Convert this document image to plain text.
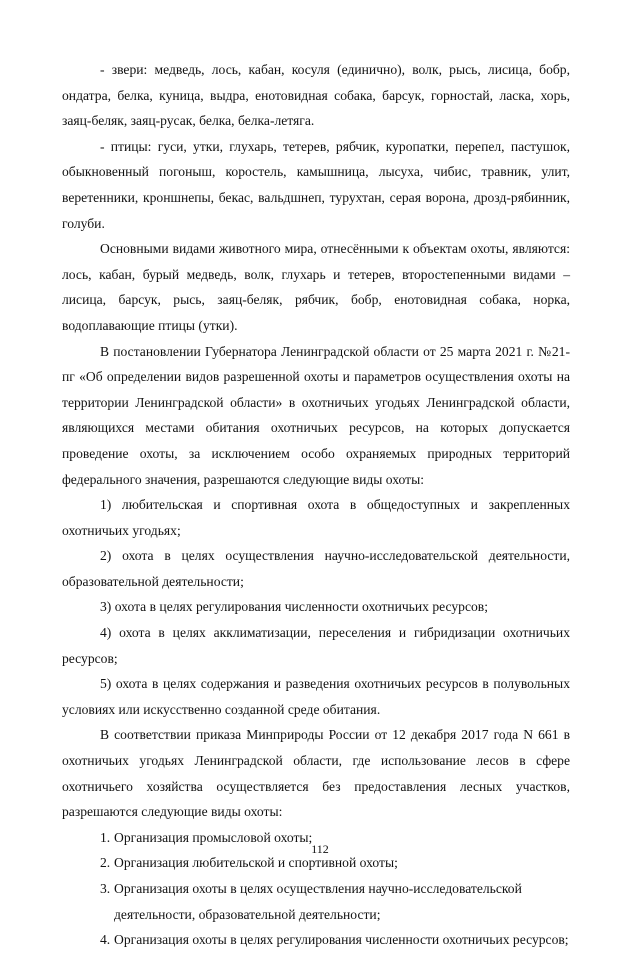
- звери: медведь, лось, кабан, косуля (единично), волк, рысь, лисица, бобр, ондатра, белка, куница, выдра, енотовидная собака, барсук, горностай, ласка, хорь, заяц-беляк, заяц-русак, белка, белка-летяга.

- птицы: гуси, утки, глухарь, тетерев, рябчик, куропатки, перепел, пастушок, обыкновенный погоныш, коростель, камышница, лысуха, чибис, травник, улит, веретенники, кроншнепы, бекас, вальдшнеп, турухтан, серая ворона, дрозд-рябинник, голуби.

Основными видами животного мира, отнесёнными к объектам охоты, являются: лось, кабан, бурый медведь, волк, глухарь и тетерев, второстепенными видами – лисица, барсук, рысь, заяц-беляк, рябчик, бобр, енотовидная собака, норка, водоплавающие птицы (утки).

В постановлении Губернатора Ленинградской области от 25 марта 2021 г. №21-пг «Об определении видов разрешенной охоты и параметров осуществления охоты на территории Ленинградской области» в охотничьих угодьях Ленинградской области, являющихся местами обитания охотничьих ресурсов, на которых допускается проведение охоты, за исключением особо охраняемых природных территорий федерального значения, разрешаются следующие виды охоты:

1) любительская и спортивная охота в общедоступных и закрепленных охотничьих угодьях;

2) охота в целях осуществления научно-исследовательской деятельности, образовательной деятельности;

3) охота в целях регулирования численности охотничьих ресурсов;

4) охота в целях акклиматизации, переселения и гибридизации охотничьих ресурсов;

5) охота в целях содержания и разведения охотничьих ресурсов в полувольных условиях или искусственно созданной среде обитания.

В соответствии приказа Минприроды России от 12 декабря 2017 года N 661 в охотничьих угодьях Ленинградской области, где использование лесов в сфере охотничьего хозяйства осуществляется без предоставления лесных участков, разрешаются следующие виды охоты:

1. Организация промысловой охоты;
2. Организация любительской и спортивной охоты;
3. Организация охоты в целях осуществления научно-исследовательской деятельности, образовательной деятельности;
4. Организация охоты в целях регулирования численности охотничьих ресурсов;
112
